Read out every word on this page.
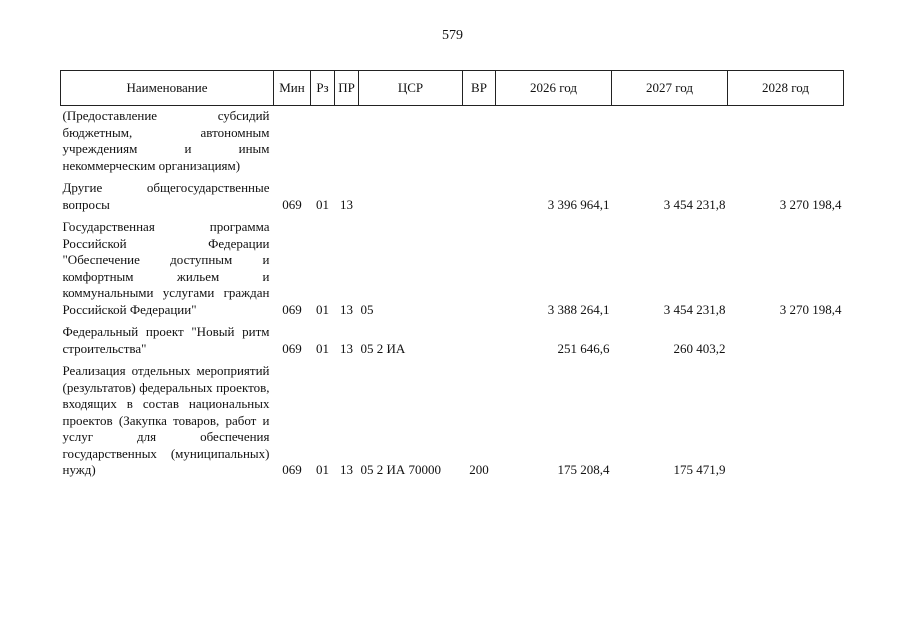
579
Наименование	Мин	Рз	ПР	ЦСР	ВР	2026 год	2027 год	2028 год
(Предоставление субсидий бюджетным, автономным учреждениям и иным некоммерческим организациям)								
Другие общегосударственные вопросы	069	01	13			3 396 964,1	3 454 231,8	3 270 198,4
Государственная программа Российской Федерации "Обеспечение доступным и комфортным жильем и коммунальными услугами граждан Российской Федерации"	069	01	13	05		3 388 264,1	3 454 231,8	3 270 198,4
Федеральный проект "Новый ритм строительства"	069	01	13	05 2 ИА		251 646,6	260 403,2	
Реализация отдельных мероприятий (результатов) федеральных проектов, входящих в состав национальных проектов (Закупка товаров, работ и услуг для обеспечения государственных (муниципальных) нужд)	069	01	13	05 2 ИА 70000	200	175 208,4	175 471,9	
